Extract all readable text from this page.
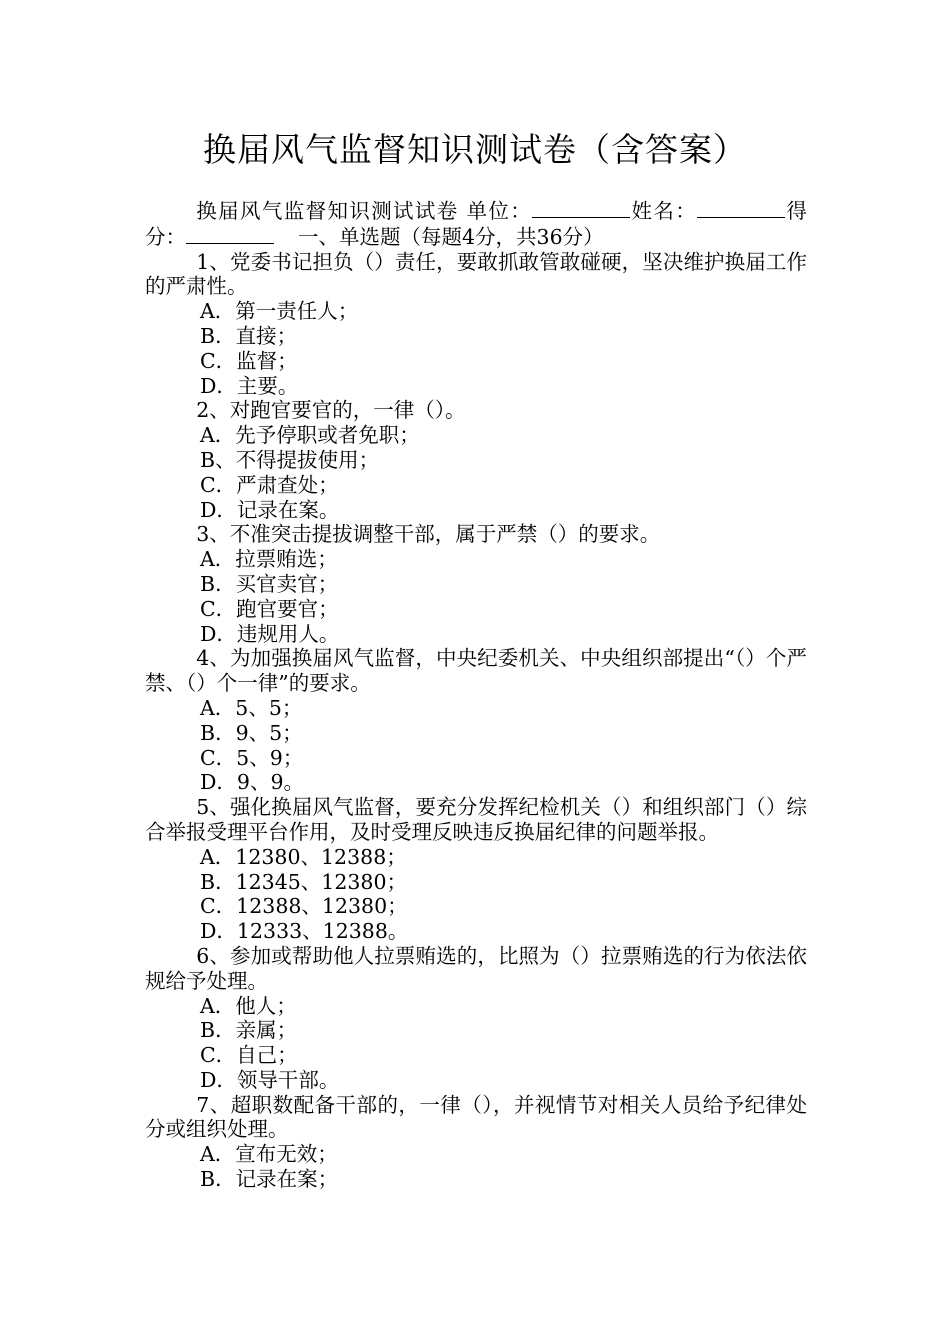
换届风气监督知识测试卷（含答案）

换届风气监督知识测试试卷 单位：	姓名：	得分：	一、单选题（每题4分，共36分）

1、党委书记担负（）责任，要敢抓敢管敢碰硬，坚决维护换届工作的严肃性。

A．第一责任人；

B．直接；

C．监督；

D．主要。

2、对跑官要官的，一律（）。

A．先予停职或者免职；

B、不得提拔使用；

C．严肃查处；

D．记录在案。

3、不准突击提拔调整干部，属于严禁（）的要求。

A．拉票贿选；

B．买官卖官；

C．跑官要官；

D．违规用人。

4、为加强换届风气监督，中央纪委机关、中央组织部提出“（）个严禁、（）个一律”的要求。

A．5、5；

B．9、5；

C．5、9；

D．9、9。

5、强化换届风气监督，要充分发挥纪检机关（）和组织部门（）综合举报受理平台作用，及时受理反映违反换届纪律的问题举报。

A．12380、12388；

B．12345、12380；

C．12388、12380；

D．12333、12388。

6、参加或帮助他人拉票贿选的，比照为（）拉票贿选的行为依法依规给予处理。

A．他人；

B．亲属；

C．自己；

D．领导干部。

7、超职数配备干部的，一律（），并视情节对相关人员给予纪律处分或组织处理。

A．宣布无效；

B．记录在案；
